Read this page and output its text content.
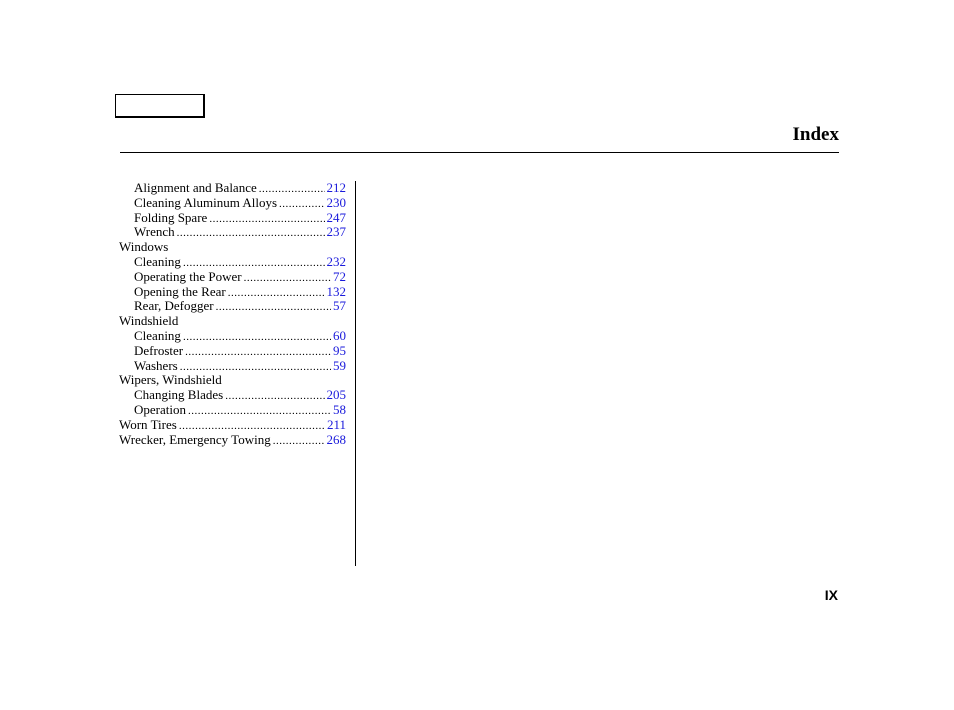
Index
Alignment and Balance .....	212
Cleaning Aluminum Alloys .....	230
Folding Spare .....	247
Wrench .....	237
Windows
Cleaning .....	232
Operating the Power .....	72
Opening the Rear .....	132
Rear, Defogger .....	57
Windshield
Cleaning .....	60
Defroster .....	95
Washers .....	59
Wipers, Windshield
Changing Blades .....	205
Operation .....	58
Worn Tires .....	211
Wrecker, Emergency Towing .....	268
IX
